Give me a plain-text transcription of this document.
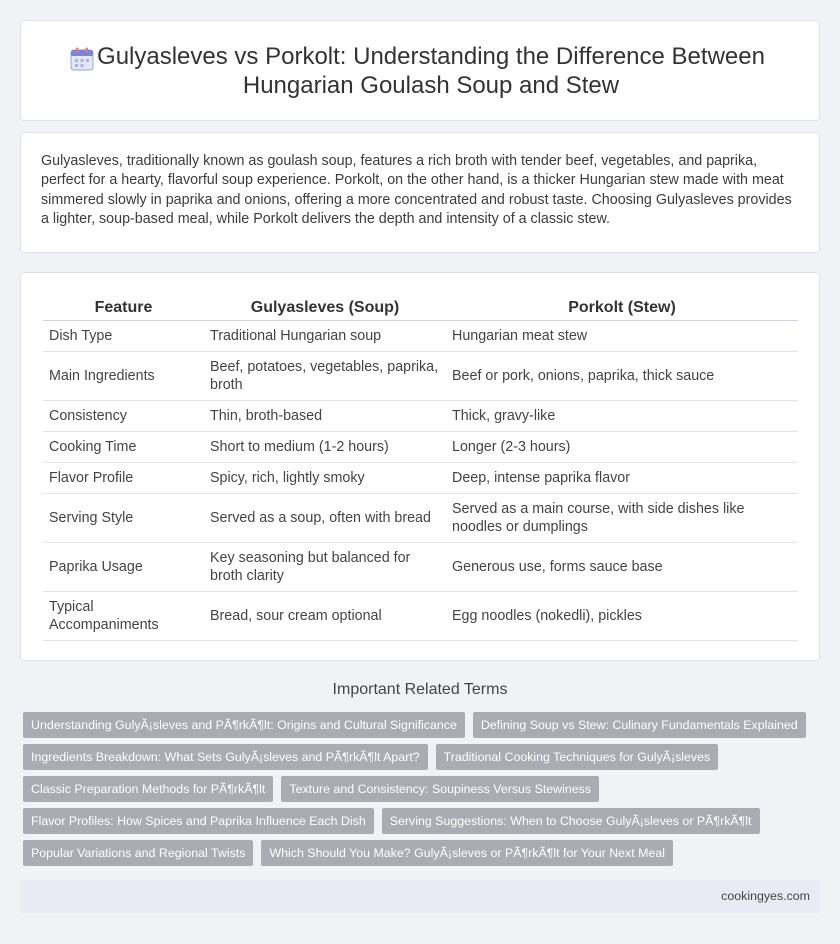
Gulyasleves vs Porkolt: Understanding the Difference Between Hungarian Goulash Soup and Stew

Gulyasleves, traditionally known as goulash soup, features a rich broth with tender beef, vegetables, and paprika, perfect for a hearty, flavorful soup experience. Porkolt, on the other hand, is a thicker Hungarian stew made with meat simmered slowly in paprika and onions, offering a more concentrated and robust taste. Choosing Gulyasleves provides a lighter, soup-based meal, while Porkolt delivers the depth and intensity of a classic stew.

Feature	Gulyasleves (Soup)	Porkolt (Stew)
Dish Type	Traditional Hungarian soup	Hungarian meat stew
Main Ingredients	Beef, potatoes, vegetables, paprika, broth	Beef or pork, onions, paprika, thick sauce
Consistency	Thin, broth-based	Thick, gravy-like
Cooking Time	Short to medium (1-2 hours)	Longer (2-3 hours)
Flavor Profile	Spicy, rich, lightly smoky	Deep, intense paprika flavor
Serving Style	Served as a soup, often with bread	Served as a main course, with side dishes like noodles or dumplings
Paprika Usage	Key seasoning but balanced for broth clarity	Generous use, forms sauce base
Typical Accompaniments	Bread, sour cream optional	Egg noodles (nokedli), pickles
Important Related Terms
Understanding GulyÃ¡sleves and PÃ¶rkÃ¶lt: Origins and Cultural Significance	Defining Soup vs Stew: Culinary Fundamentals Explained
Ingredients Breakdown: What Sets GulyÃ¡sleves and PÃ¶rkÃ¶lt Apart?	Traditional Cooking Techniques for GulyÃ¡sleves
Classic Preparation Methods for PÃ¶rkÃ¶lt	Texture and Consistency: Soupiness Versus Stewiness
Flavor Profiles: How Spices and Paprika Influence Each Dish	Serving Suggestions: When to Choose GulyÃ¡sleves or PÃ¶rkÃ¶lt
Popular Variations and Regional Twists	Which Should You Make? GulyÃ¡sleves or PÃ¶rkÃ¶lt for Your Next Meal
cookingyes.com
